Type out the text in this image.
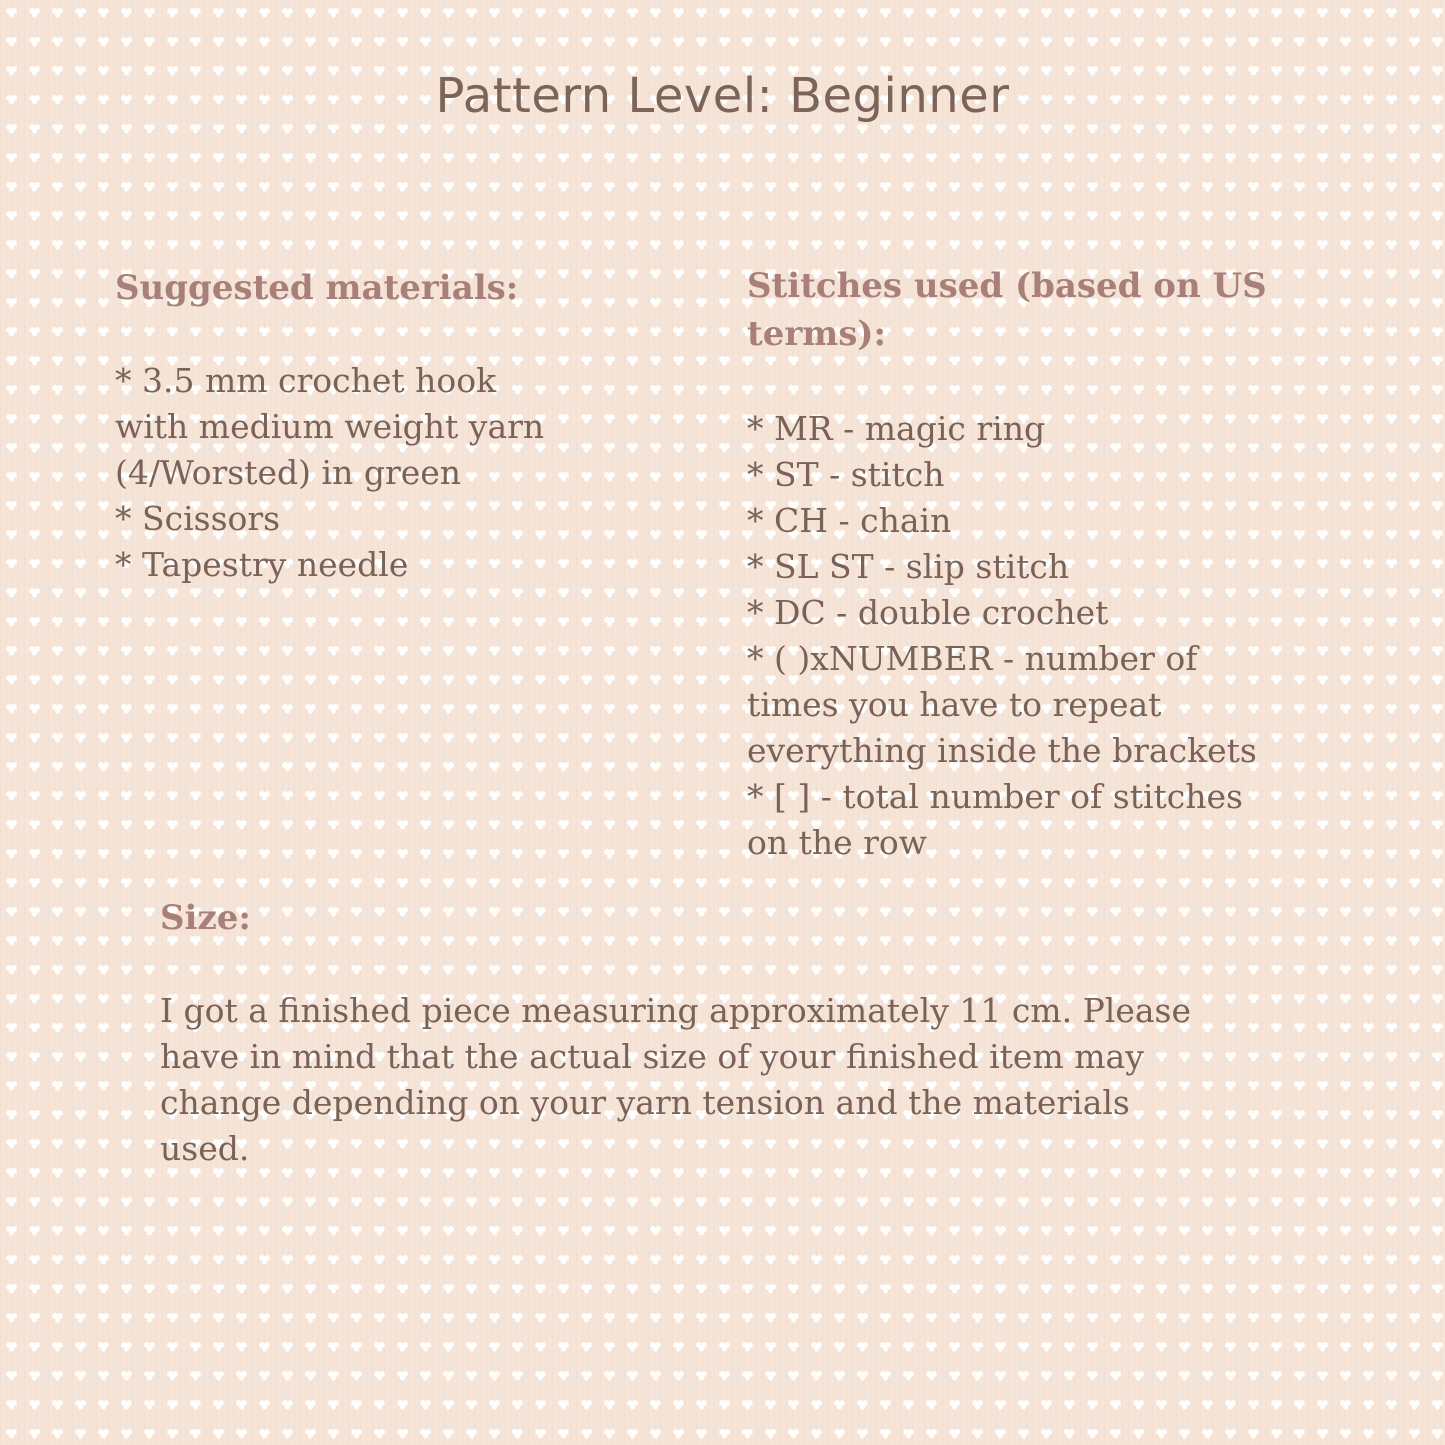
Pattern Level: Beginner
Suggested materials:
* 3.5 mm crochet hook
with medium weight yarn
(4/Worsted) in green
* Scissors
* Tapestry needle
Stitches used (based on US
terms):
* MR - magic ring
* ST - stitch
* CH - chain
* SL ST - slip stitch
* DC - double crochet
* ( )xNUMBER - number of
times you have to repeat
everything inside the brackets
* [ ] - total number of stitches
on the row
Size:
I got a finished piece measuring approximately 11 cm. Please
have in mind that the actual size of your finished item may
change depending on your yarn tension and the materials
used.
